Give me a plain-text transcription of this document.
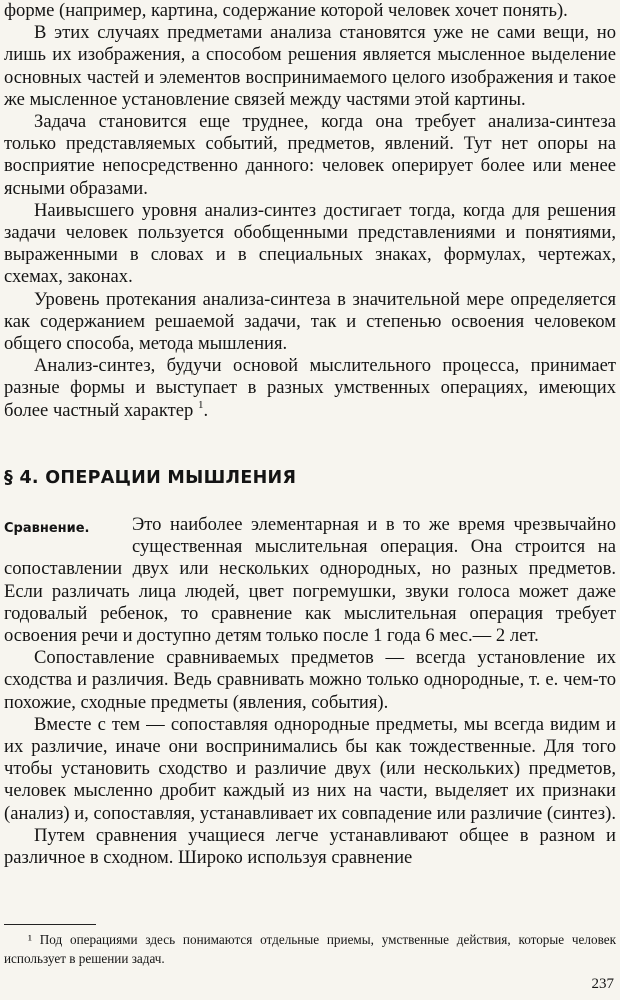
форме (например, картина, содержание которой человек хочет понять).

В этих случаях предметами анализа становятся уже не сами вещи, но лишь их изображения, а способом решения является мысленное выделение основных частей и элементов воспринимаемого целого изображения и такое же мысленное установление связей между частями этой картины.

Задача становится еще труднее, когда она требует анализа-синтеза только представляемых событий, предметов, явлений. Тут нет опоры на восприятие непосредственно данного: человек оперирует более или менее ясными образами.

Наивысшего уровня анализ-синтез достигает тогда, когда для решения задачи человек пользуется обобщенными представлениями и понятиями, выраженными в словах и в специальных знаках, формулах, чертежах, схемах, законах.

Уровень протекания анализа-синтеза в значительной мере определяется как содержанием решаемой задачи, так и степенью освоения человеком общего способа, метода мышления.

Анализ-синтез, будучи основой мыслительного процесса, принимает разные формы и выступает в разных умственных операциях, имеющих более частный характер $^1$.

§ 4. ОПЕРАЦИИ МЫШЛЕНИЯ
Сравнение.	Это наиболее элементарная и в то же время чрезвычайно существенная мыслительная операция. Она строится на сопоставлении двух или нескольких однородных, но разных предметов. Если различать лица людей, цвет погремушки, звуки голоса может даже годовалый ребенок, то сравнение как мыслительная операция требует освоения речи и доступно детям только после 1 года 6 мес.— 2 лет.

Сопоставление сравниваемых предметов — всегда установление их сходства и различия. Ведь сравнивать можно только однородные, т. е. чем-то похожие, сходные предметы (явления, события).

Вместе с тем — сопоставляя однородные предметы, мы всегда видим и их различие, иначе они воспринимались бы как тождественные. Для того чтобы установить сходство и различие двух (или нескольких) предметов, человек мысленно дробит каждый из них на части, выделяет их признаки (анализ) и, сопоставляя, устанавливает их совпадение или различие (синтез).

Путем сравнения учащиеся легче устанавливают общее в разном и различное в сходном. Широко используя сравнение

¹ Под операциями здесь понимаются отдельные приемы, умственные действия, которые человек использует в решении задач.
237
